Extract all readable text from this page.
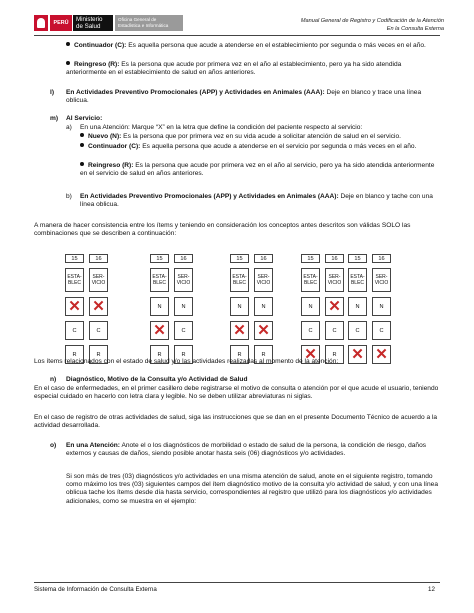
PERÚ	Ministerio de Salud
Oficina General de Estadística e Informática
Manual General de Registro y Codificación de la Atención
En la Consulta Externa
Continuador (C): Es aquella persona que acude a atenderse en el establecimiento por segunda o más veces en el año.
Reingreso (R): Es la persona que acude por primera vez en el año al establecimiento, pero ya ha sido atendida anteriormente en el establecimiento de salud en años anteriores.
l) En Actividades Preventivo Promocionales (APP) y Actividades en Animales (AAA): Deje en blanco y trace una línea oblicua.
m) Al Servicio:
a) En una Atención: Marque “X” en la letra que define la condición del paciente respecto al servicio:
Nuevo (N): Es la persona que por primera vez en su vida acude a solicitar atención de salud en el servicio.
Continuador (C): Es aquella persona que acude a atenderse en el servicio por segunda o más veces en el año.
Reingreso (R): Es la persona que acude por primera vez en el año al servicio, pero ya ha sido atendida anteriormente en el servicio de salud en años anteriores.
b) En Actividades Preventivo Promocionales (APP) y Actividades en Animales (AAA): Deje en blanco y tache con una línea oblicua.
A manera de hacer consistencia entre los ítems y teniendo en consideración los conceptos antes descritos son válidas SOLO las combinaciones que se describen a continuación:
15	16
ESTA-
BLEC	SER-
VICIO
✕	✕
C	C
R	R
15	16
ESTA-
BLEC	SER-
VICIO
N	N
✕	C
R	R
15	16
ESTA-
BLEC	SER-
VICIO
N	N
✕	✕
R	R
15	16
ESTA-
BLEC	SER-
VICIO
N	✕
C	C
✕	R
15	16
ESTA-
BLEC	SER-
VICIO
N	N
C	C
✕	✕
Los ítems relacionados con el estado de salud y/o las actividades realizadas al momento de la atención:
n) Diagnóstico, Motivo de la Consulta y/o Actividad de Salud
En el caso de enfermedades, en el primer casillero debe registrarse el motivo de consulta o atención por el que acude el usuario, teniendo especial cuidado en hacerlo con letra clara y legible. No se deben utilizar abreviaturas ni siglas.
En el caso de registro de otras actividades de salud, siga las instrucciones que se dan en el presente Documento Técnico de acuerdo a la actividad desarrollada.
o) En una Atención: Anote el o los diagnósticos de morbilidad o estado de salud de la persona, la condición de riesgo, daños externos y causas de daños, siendo posible anotar hasta seis (06) diagnósticos y/o actividades.
Si son más de tres (03) diagnósticos y/o actividades en una misma atención de salud, anote en el siguiente registro, tomando como máximo los tres (03) siguientes campos del ítem diagnóstico motivo de la consulta y/o actividad de salud, y con una línea oblicua tache los ítems desde día hasta servicio, correspondientes al registro que utilizó para los diagnósticos y/o actividades adicionales, como se muestra en el ejemplo:
Sistema de Información de Consulta Externa	12
